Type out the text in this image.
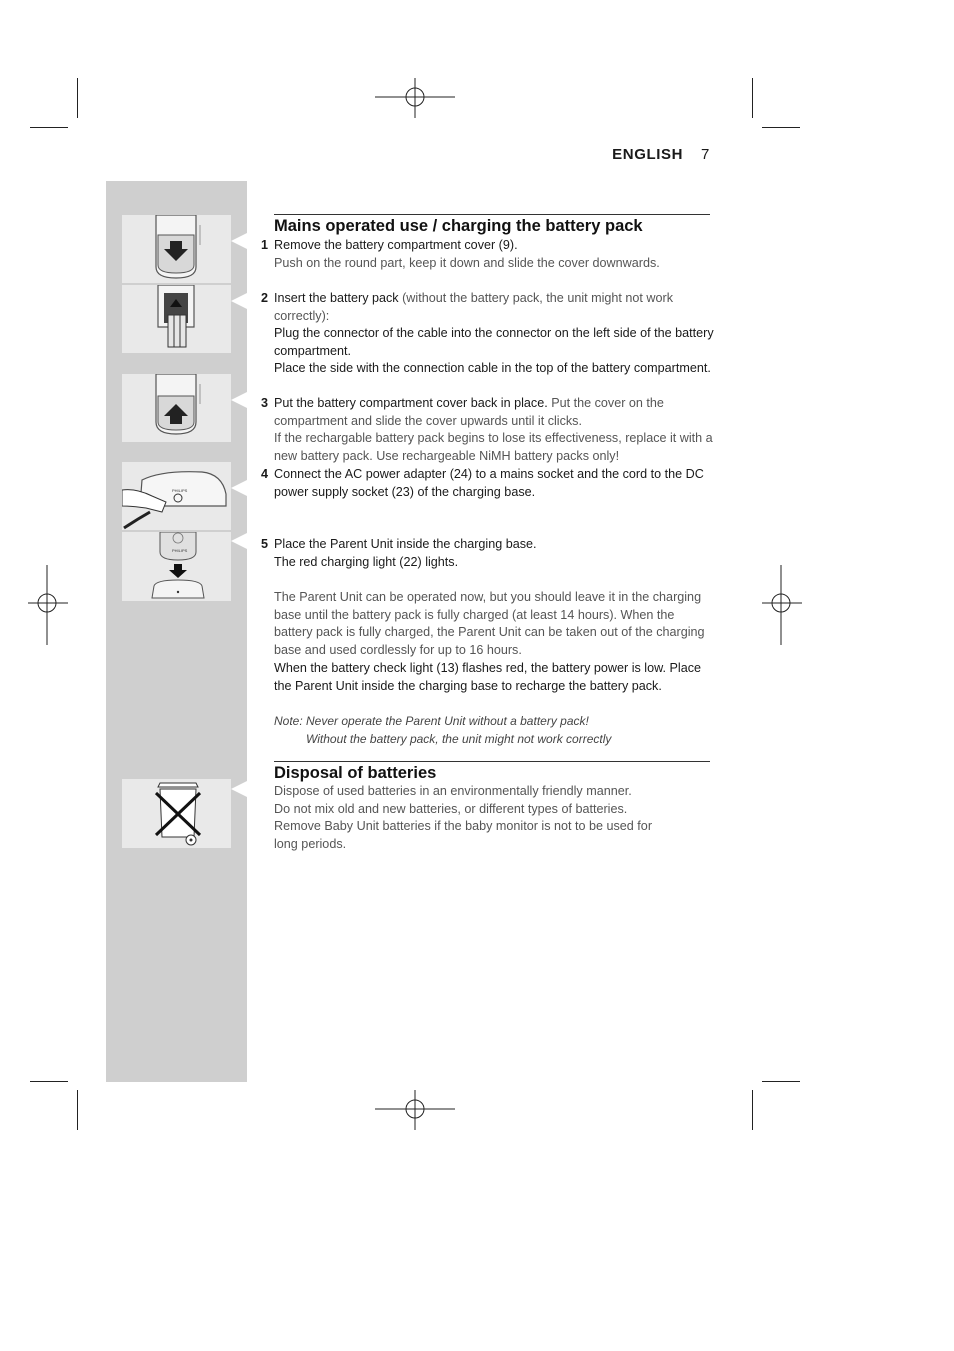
ENGLISH 7
PHILIPS
PHILIPS
Mains operated use / charging the battery pack
1 Remove the battery compartment cover (9).
Push on the round part, keep it down and slide the cover downwards.
2 Insert the battery pack (without the battery pack, the unit might not work correctly):
Plug the connector of the cable into the connector on the left side of the battery compartment.
Place the side with the connection cable in the top of the battery compartment.
3 Put the battery compartment cover back in place. Put the cover on the compartment and slide the cover upwards until it clicks.
If the rechargable battery pack begins to lose its effectiveness, replace it with a new battery pack. Use rechargeable NiMH battery packs only!
4 Connect the AC power adapter (24) to a mains socket and the cord to the DC power supply socket (23) of the charging base.
5 Place the Parent Unit inside the charging base.
The red charging light (22) lights.
The Parent Unit can be operated now, but you should leave it in the charging base until the battery pack is fully charged (at least 14 hours). When the battery pack is fully charged, the Parent Unit can be taken out of the charging base and used cordlessly for up to 16 hours.
When the battery check light (13) flashes red, the battery power is low. Place the Parent Unit inside the charging base to recharge the battery pack.
Note: Never operate the Parent Unit without a battery pack!
Without the battery pack, the unit might not work correctly
Disposal of batteries
Dispose of used batteries in an environmentally friendly manner.
Do not mix old and new batteries, or different types of batteries.
Remove Baby Unit batteries if the baby monitor is not to be used for long periods.
